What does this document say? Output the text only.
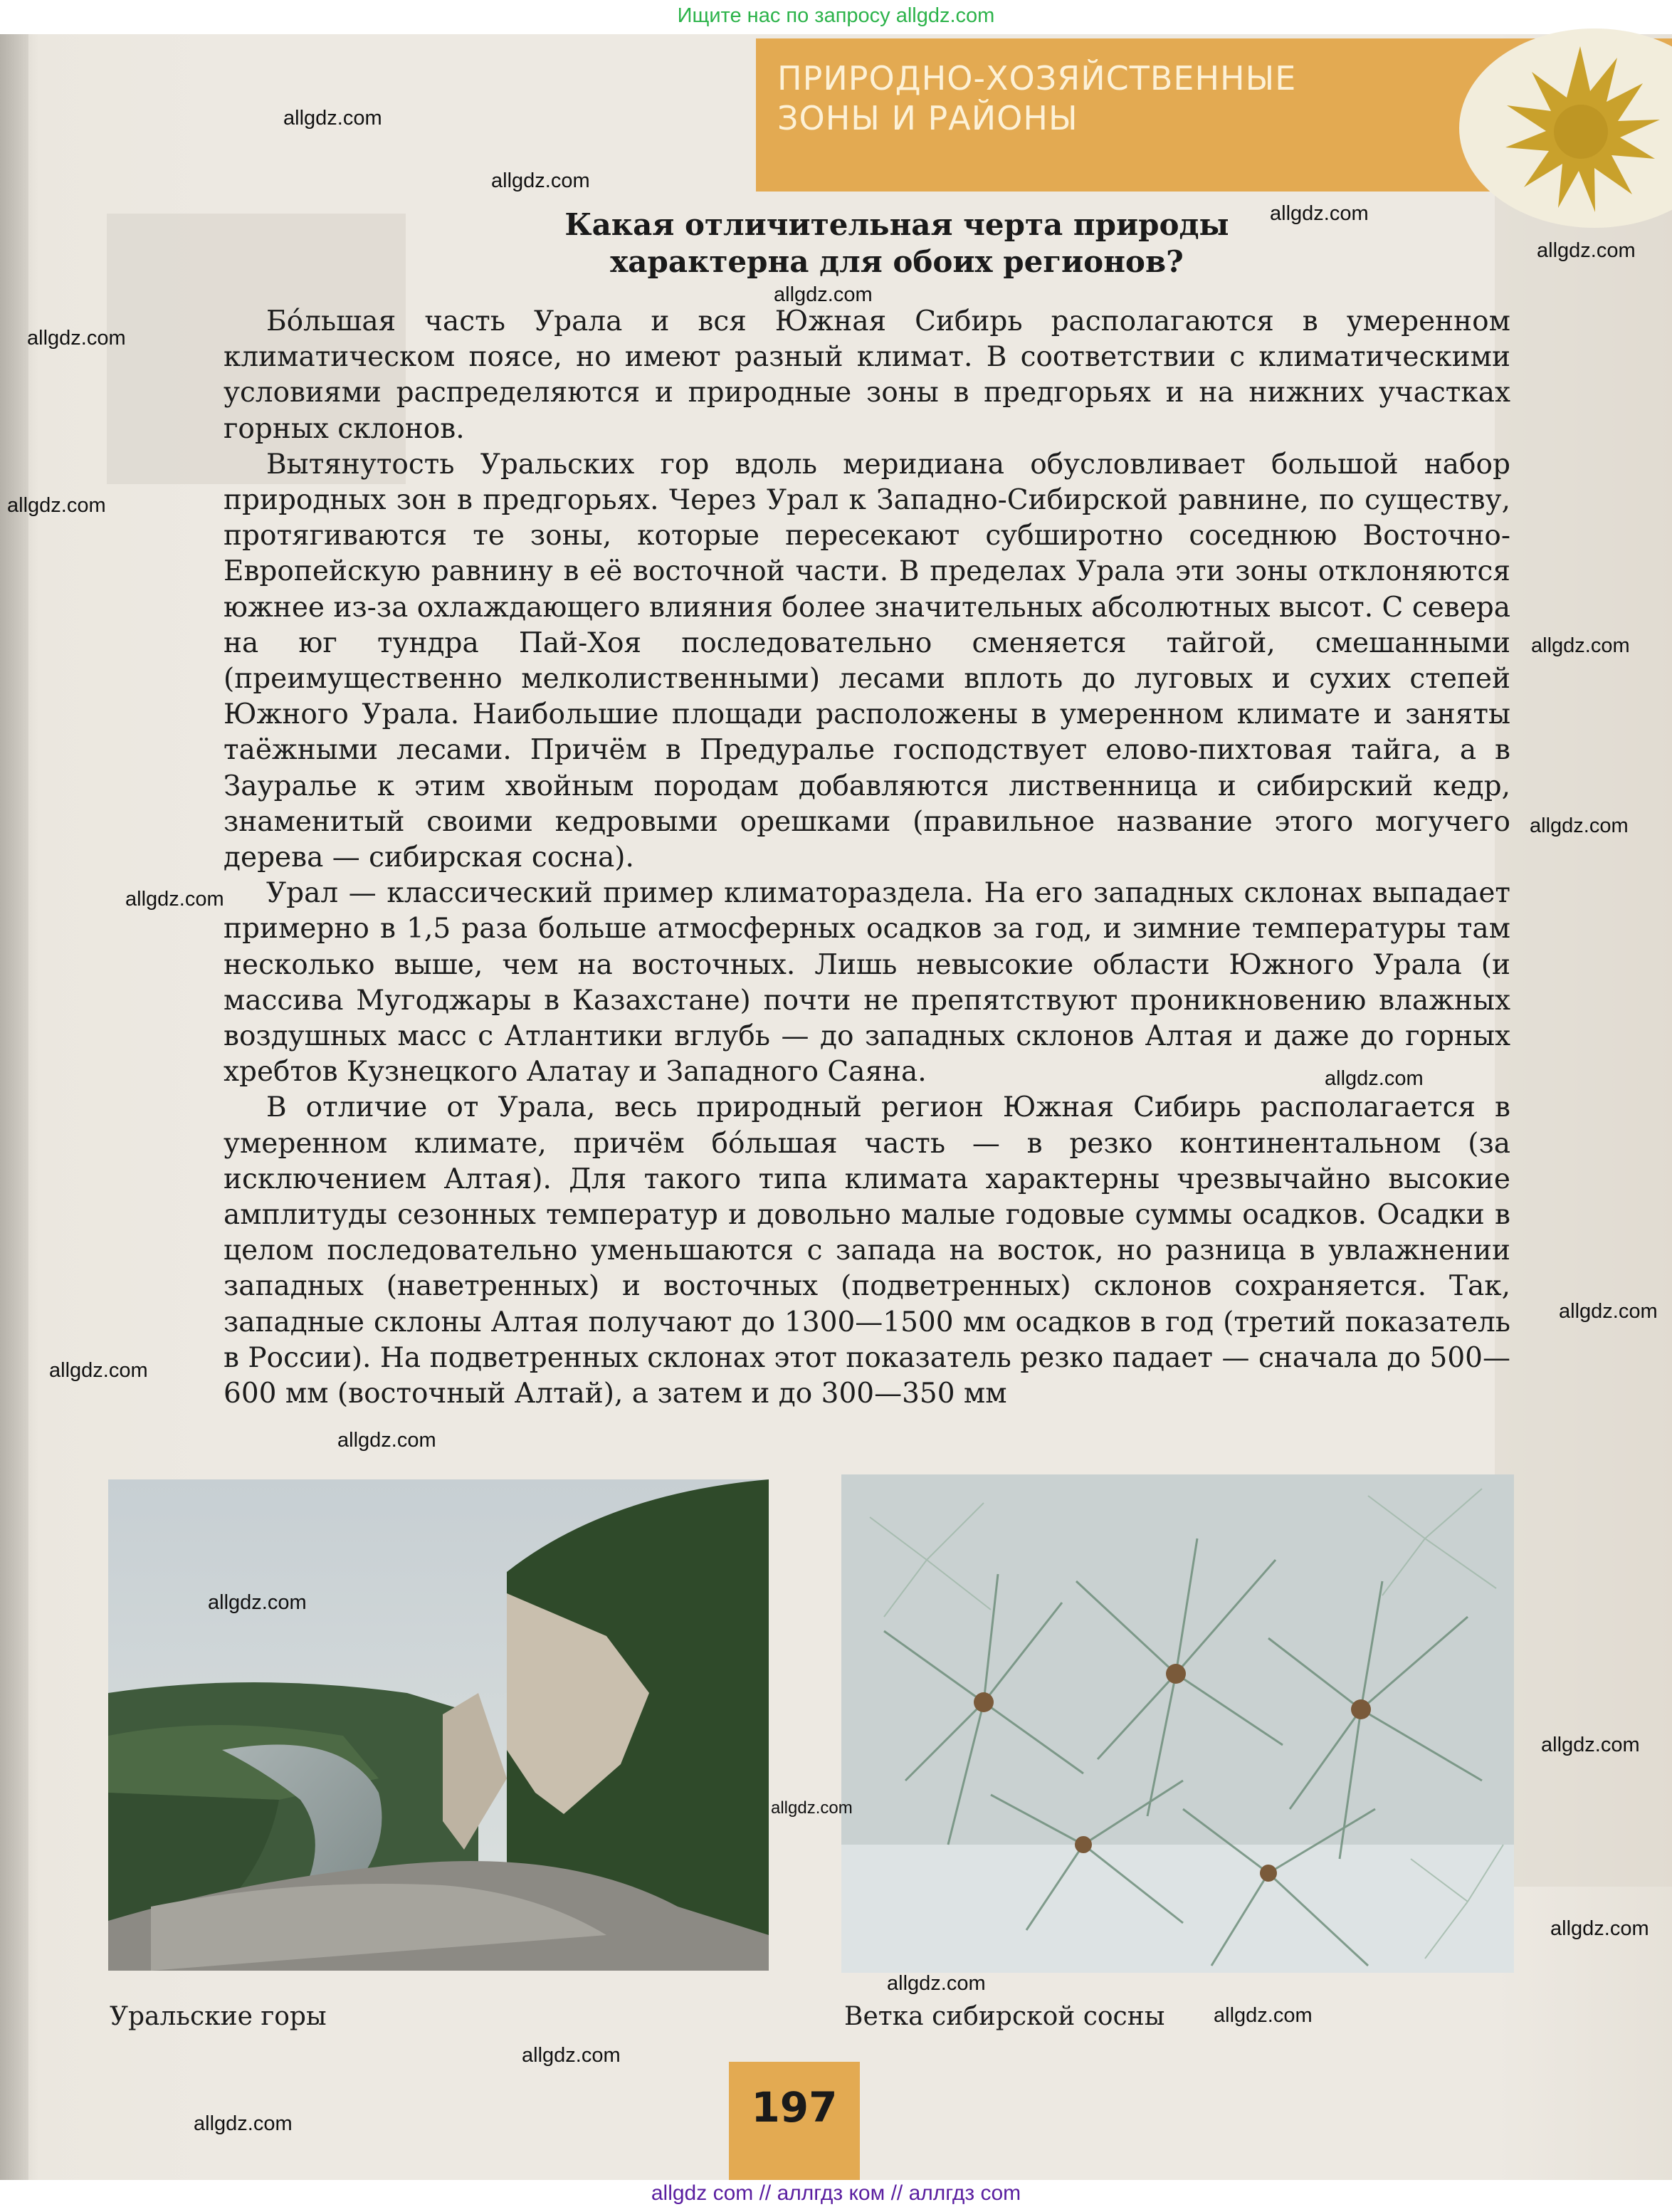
Ищите нас по запросу allgdz.com
ПРИРОДНО-ХОЗЯЙСТВЕННЫЕ
ЗОНЫ И РАЙОНЫ
Какая отличительная черта природы
характерна для обоих регионов?

Бóльшая часть Урала и вся Южная Сибирь располагаются в умеренном климатическом поясе, но имеют разный климат. В соответствии с климатическими условиями распределяются и природные зоны в предгорьях и на нижних участках горных склонов.

Вытянутость Уральских гор вдоль меридиана обусловливает большой набор природных зон в предгорьях. Через Урал к Западно-Сибирской равнине, по существу, протягиваются те зоны, которые пересекают субширотно соседнюю Восточно-Европейскую равнину в её восточной части. В пределах Урала эти зоны отклоняются южнее из-за охлаждающего влияния более значительных абсолютных высот. С севера на юг тундра Пай-Хоя последовательно сменяется тайгой, смешанными (преимущественно мелколиственными) лесами вплоть до луговых и сухих степей Южного Урала. Наибольшие площади расположены в умеренном климате и заняты таёжными лесами. Причём в Предуралье господствует елово-пихтовая тайга, а в Зауралье к этим хвойным породам добавляются лиственница и сибирский кедр, знаменитый своими кедровыми орешками (правильное название этого могучего дерева — сибирская сосна).

Урал — классический пример климатораздела. На его западных склонах выпадает примерно в 1,5 раза больше атмосферных осадков за год, и зимние температуры там несколько выше, чем на восточных. Лишь невысокие области Южного Урала (и массива Мугоджары в Казахстане) почти не препятствуют проникновению влажных воздушных масс с Атлантики вглубь — до западных склонов Алтая и даже до горных хребтов Кузнецкого Алатау и Западного Саяна.

В отличие от Урала, весь природный регион Южная Сибирь располагается в умеренном климате, причём бóльшая часть — в резко континентальном (за исключением Алтая). Для такого типа климата характерны чрезвычайно высокие амплитуды сезонных температур и довольно малые годовые суммы осадков. Осадки в целом последовательно уменьшаются с запада на восток, но разница в увлажнении западных (наветренных) и восточных (подветренных) склонов сохраняется. Так, западные склоны Алтая получают до 1300—1500 мм осадков в год (третий показатель в России). На подветренных склонах этот показатель резко падает — сначала до 500—600 мм (восточный Алтай), а затем и до 300—350 мм

Уральские горы	Ветка сибирской сосны
197
allgdz.com
allgdz.com
allgdz.com
allgdz.com
allgdz.com
allgdz.com
allgdz.com
allgdz.com
allgdz.com
allgdz.com
allgdz.com
allgdz.com
allgdz.com
allgdz.com
allgdz.com
allgdz.com
allgdz.com
allgdz.com
allgdz.com
allgdz.com
allgdz.com
allgdz.com
allgdz com // аллгдз ком // аллгдз com
